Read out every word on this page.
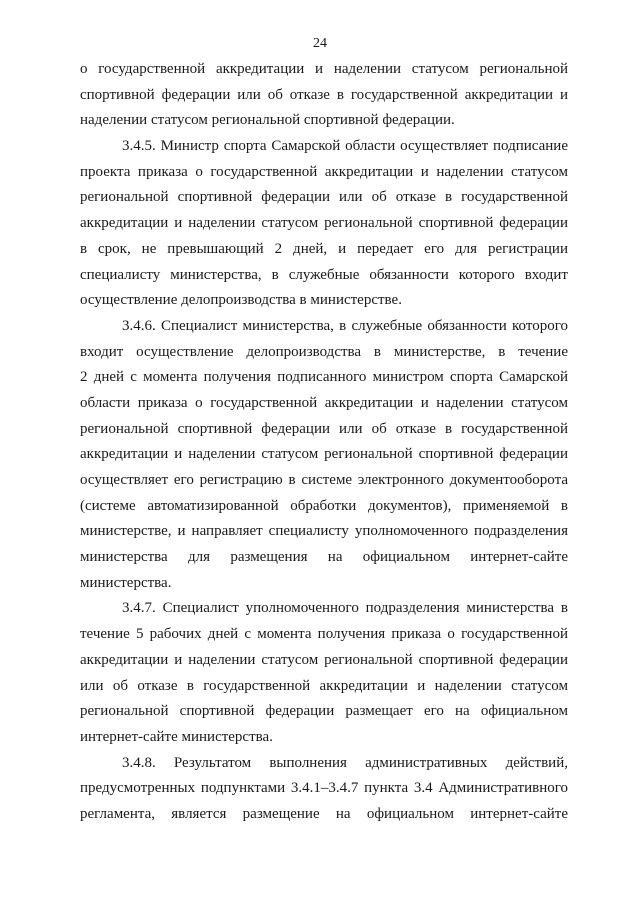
24
о государственной аккредитации и наделении статусом региональной
спортивной федерации или об отказе в государственной аккредитации и
наделении статусом региональной спортивной федерации.
3.4.5. Министр спорта Самарской области осуществляет подписание
проекта приказа о государственной аккредитации и наделении статусом
региональной спортивной федерации или об отказе в государственной
аккредитации и наделении статусом региональной спортивной федерации
в срок, не превышающий 2 дней, и передает его для регистрации
специалисту министерства, в служебные обязанности которого входит
осуществление делопроизводства в министерстве.
3.4.6. Специалист министерства, в служебные обязанности которого
входит осуществление делопроизводства в министерстве, в течение
2 дней с момента получения подписанного министром спорта Самарской
области приказа о государственной аккредитации и наделении статусом
региональной спортивной федерации или об отказе в государственной
аккредитации и наделении статусом региональной спортивной федерации
осуществляет его регистрацию в системе электронного документооборота
(системе автоматизированной обработки документов), применяемой в
министерстве, и направляет специалисту уполномоченного подразделения
министерства для размещения на официальном интернет-сайте
министерства.
3.4.7. Специалист уполномоченного подразделения министерства в
течение 5 рабочих дней с момента получения приказа о государственной
аккредитации и наделении статусом региональной спортивной федерации
или об отказе в государственной аккредитации и наделении статусом
региональной спортивной федерации размещает его на официальном
интернет-сайте министерства.
3.4.8. Результатом выполнения административных действий,
предусмотренных подпунктами 3.4.1–3.4.7 пункта 3.4 Административного
регламента, является размещение на официальном интернет-сайте
